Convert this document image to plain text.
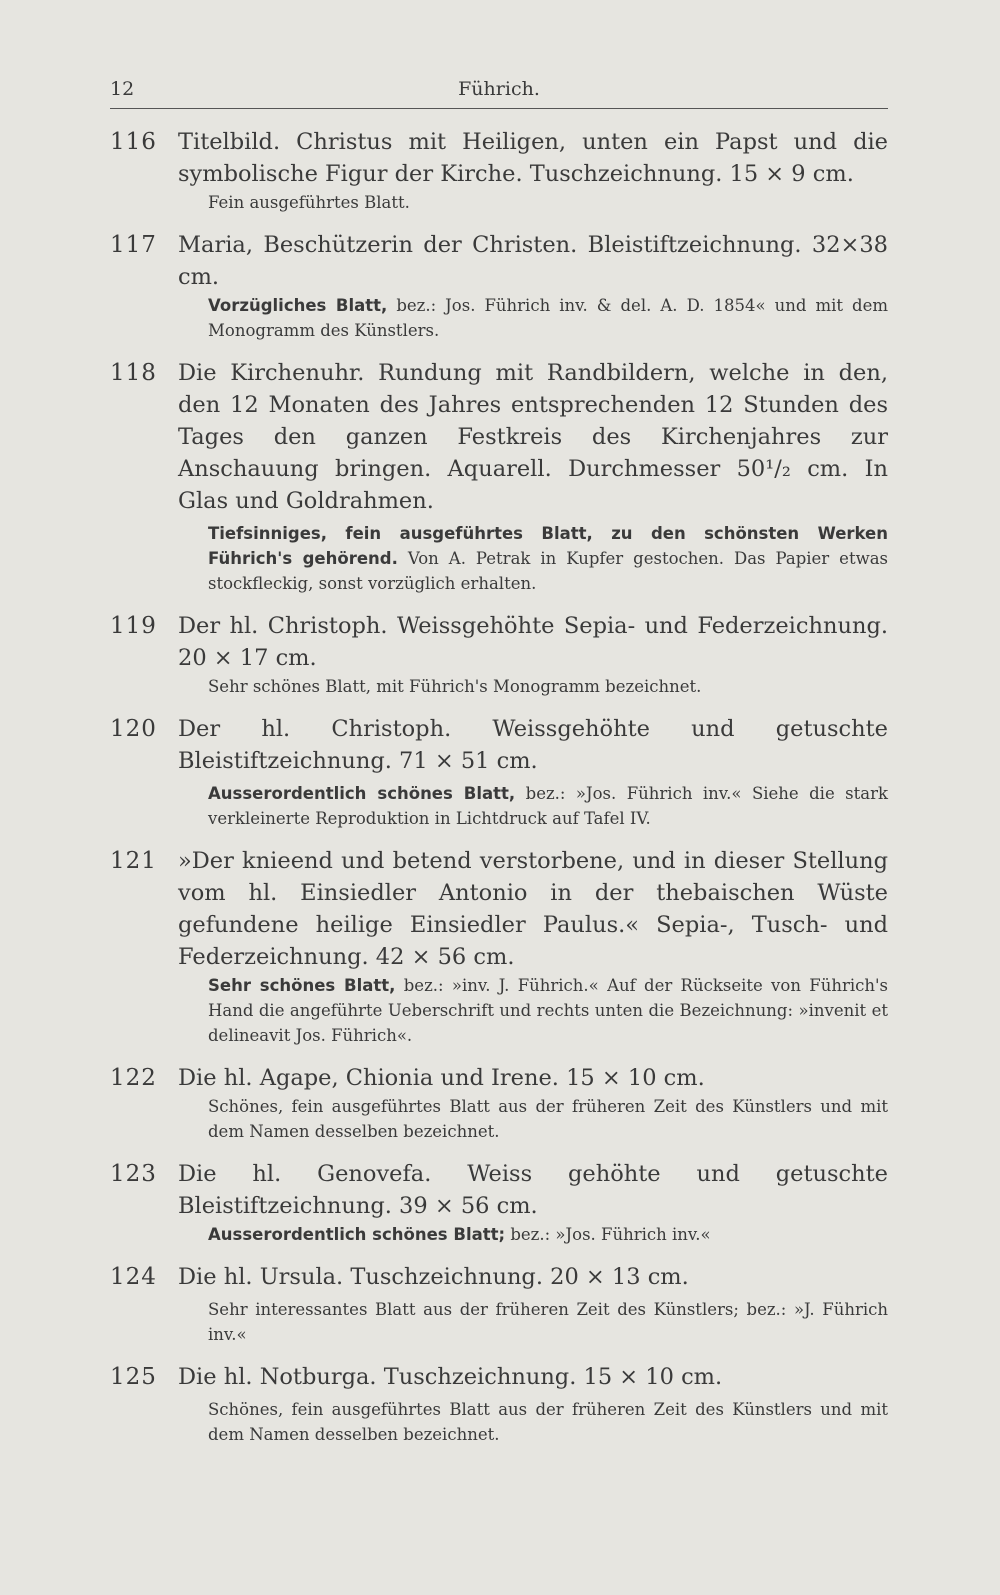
12	Führich.
116 Titelbild. Christus mit Heiligen, unten ein Papst und die symbolische Figur der Kirche. Tuschzeichnung. 15 × 9 cm.
Fein ausgeführtes Blatt.
117 Maria, Beschützerin der Christen. Bleistiftzeichnung. 32×38 cm.
Vorzügliches Blatt, bez.: Jos. Führich inv. & del. A. D. 1854« und mit dem Monogramm des Künstlers.
118 Die Kirchenuhr. Rundung mit Randbildern, welche in den, den 12 Monaten des Jahres entsprechenden 12 Stunden des Tages den ganzen Festkreis des Kirchenjahres zur Anschauung bringen. Aquarell. Durchmesser 50¹/₂ cm. In Glas und Goldrahmen.
Tiefsinniges, fein ausgeführtes Blatt, zu den schönsten Werken Führich's gehörend. Von A. Petrak in Kupfer gestochen. Das Papier etwas stockfleckig, sonst vorzüglich erhalten.
119 Der hl. Christoph. Weissgehöhte Sepia- und Federzeichnung. 20 × 17 cm.
Sehr schönes Blatt, mit Führich's Monogramm bezeichnet.
120 Der hl. Christoph. Weissgehöhte und getuschte Bleistiftzeichnung. 71 × 51 cm.
Ausserordentlich schönes Blatt, bez.: »Jos. Führich inv.« Siehe die stark verkleinerte Reproduktion in Lichtdruck auf Tafel IV.
121 »Der knieend und betend verstorbene, und in dieser Stellung vom hl. Einsiedler Antonio in der thebaischen Wüste gefundene heilige Einsiedler Paulus.« Sepia-, Tusch- und Federzeichnung. 42 × 56 cm.
Sehr schönes Blatt, bez.: »inv. J. Führich.« Auf der Rückseite von Führich's Hand die angeführte Ueberschrift und rechts unten die Bezeichnung: »invenit et delineavit Jos. Führich«.
122 Die hl. Agape, Chionia und Irene. 15 × 10 cm.
Schönes, fein ausgeführtes Blatt aus der früheren Zeit des Künstlers und mit dem Namen desselben bezeichnet.
123 Die hl. Genovefa. Weiss gehöhte und getuschte Bleistiftzeichnung. 39 × 56 cm.
Ausserordentlich schönes Blatt; bez.: »Jos. Führich inv.«
124 Die hl. Ursula. Tuschzeichnung. 20 × 13 cm.
Sehr interessantes Blatt aus der früheren Zeit des Künstlers; bez.: »J. Führich inv.«
125 Die hl. Notburga. Tuschzeichnung. 15 × 10 cm.
Schönes, fein ausgeführtes Blatt aus der früheren Zeit des Künstlers und mit dem Namen desselben bezeichnet.
